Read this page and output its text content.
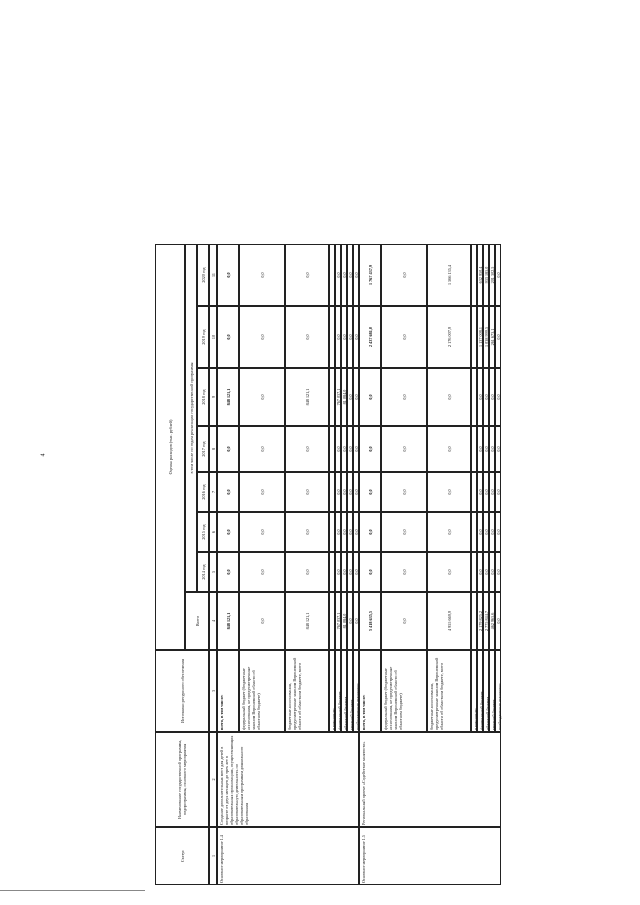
4
Статус
Наименование государственной программы, подпрограммы, основного мероприятия
Источники ресурсного обеспечения
Оценка расходов (тыс. рублей)
Всего
в том числе по годам реализации государственной программы
2014 год
2015 год
2016 год
2017 год
2018 год
2019 год
2020 год
1
2
3
4
5
6
7
8
9
10
11
Основное мероприятие 1.4
Создание дополнительных мест для детей в возрасте от двух месяцев до трех лет в образовательных организациях, осуществляющих образовательную деятельность по образовательным программам дошкольного образования
всего, в том числе:
848 121,1
0,0
0,0
0,0
0,0
848 121,1
0,0
0,0
федеральный бюджет (бюджетные ассигнования, не предусмотренные законом Воронежской области об областном бюджете)
0,0
0,0
0,0
0,0
0,0
0,0
0,0
0,0
бюджетные ассигнования, предусмотренные законом Воронежской области об областном бюджете, всего
848 121,1
0,0
0,0
0,0
0,0
848 121,1
0,0
0,0
в том числе: федеральный бюджет
767 037,1
0,0
0,0
0,0
0,0
767 037,1
0,0
0,0
областной бюджет
81 084,0
0,0
0,0
0,0
0,0
81 084,0
0,0
0,0
местный бюджет
0,0
0,0
0,0
0,0
0,0
0,0
0,0
0,0
внебюджетные источники
0,0
0,0
0,0
0,0
0,0
0,0
0,0
0,0
Основное мероприятие 1.5
Региональный проект «Содействие занятости»
всего, в том числе:
5 418 635,5
0,0
0,0
0,0
0,0
0,0
2 437 681,0
1 767 437,9
федеральный бюджет (бюджетные ассигнования, не предусмотренные законом Воронежской области об областном бюджете)
0,0
0,0
0,0
0,0
0,0
0,0
0,0
0,0
бюджетные ассигнования, предусмотренные законом Воронежской области об областном бюджете, всего
4 955 669,9
0,0
0,0
0,0
0,0
0,0
2 176 007,9
1 566 135,4
в том числе: федеральный бюджет
2 179 825,2
0,0
0,0
0,0
0,0
0,0
1 137 008,1
632 950,4
областной бюджет
2 775 844,7
0,0
0,0
0,0
0,0
0,0
1 038 999,5
933 185,0
местный бюджет
462 965,6
0,0
0,0
0,0
0,0
0,0
261 673,1
201 302,5
внебюджетные источники
0,0
0,0
0,0
0,0
0,0
0,0
0,0
0,0
